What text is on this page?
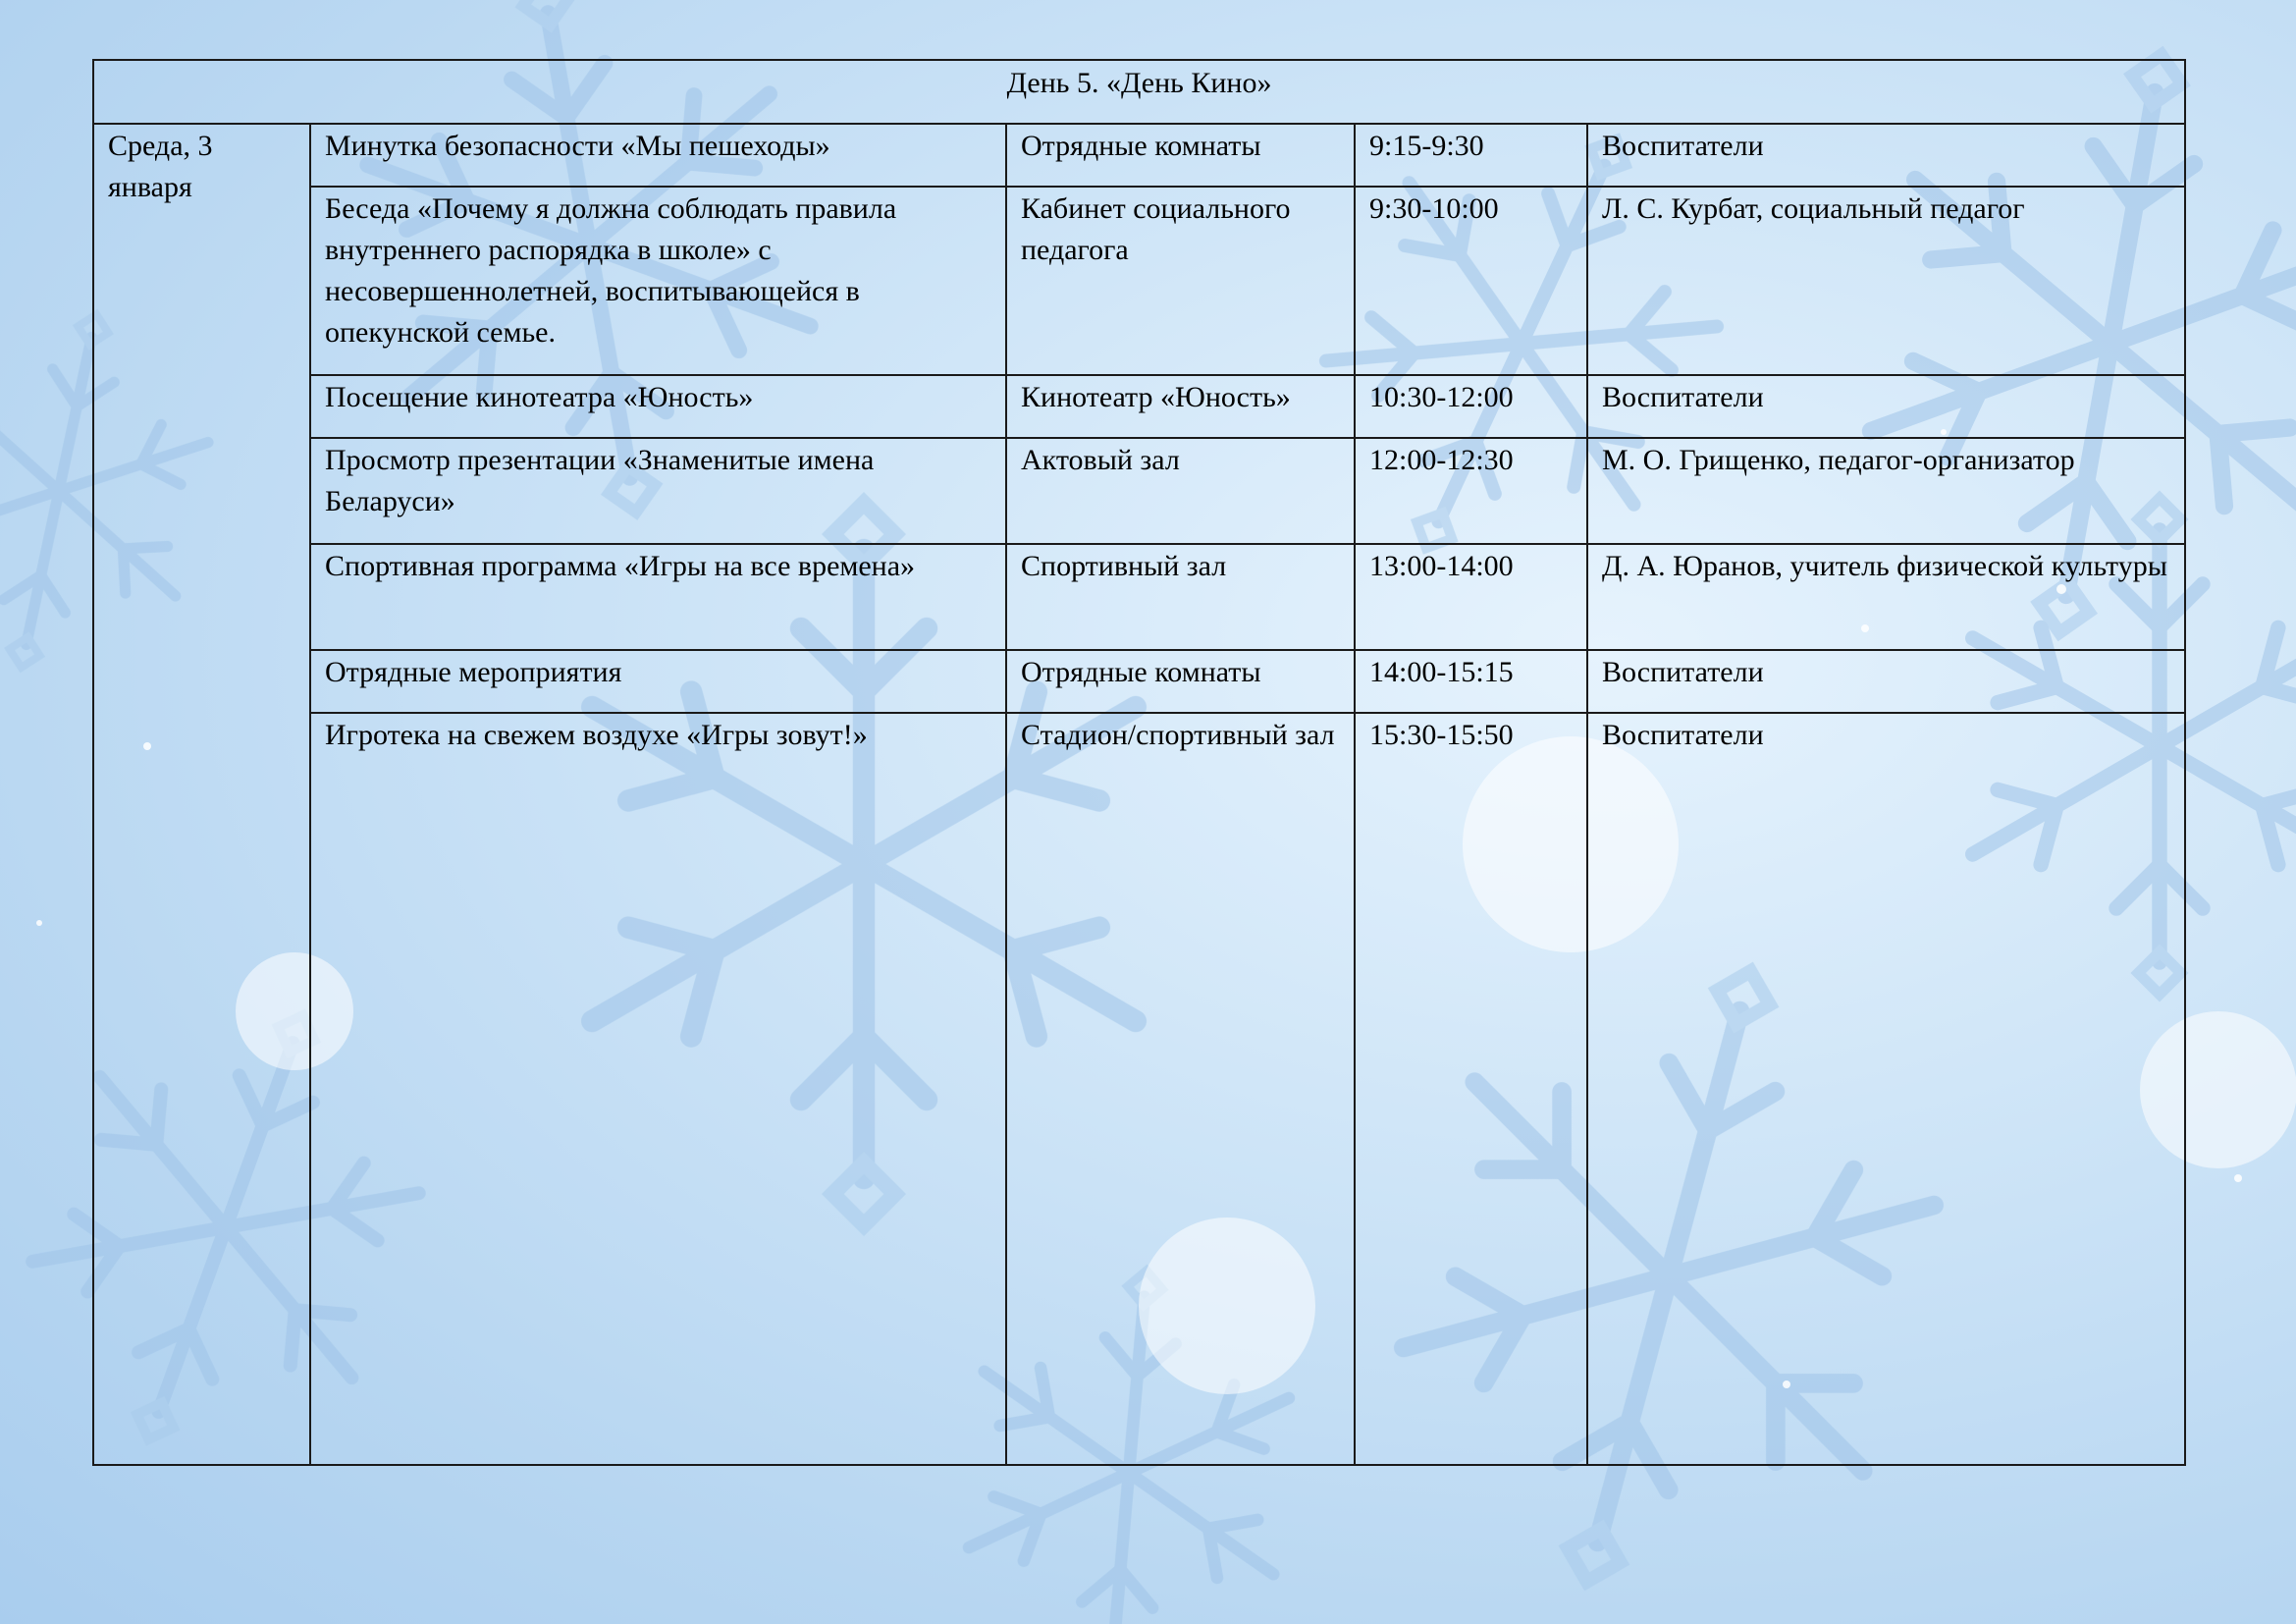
День 5. «День Кино»				

Среда, 3 января	Минутка безопасности «Мы пешеходы»	Отрядные комнаты	9:15-9:30	Воспитатели

	Беседа «Почему я должна соблюдать правила внутреннего распорядка в школе» с несовершеннолетней, воспитывающейся в опекунской семье.	Кабинет социального педагога	9:30-10:00	Л. С. Курбат, социальный педагог

	Посещение кинотеатра «Юность»	Кинотеатр «Юность»	10:30-12:00	Воспитатели

	Просмотр презентации «Знаменитые имена Беларуси»	Актовый зал	12:00-12:30	М. О. Грищенко, педагог-организатор

	Спортивная программа «Игры на все времена»	Спортивный зал	13:00-14:00	Д. А. Юранов, учитель физической культуры

	Отрядные мероприятия	Отрядные комнаты	14:00-15:15	Воспитатели

	Игротека на свежем воздухе «Игры зовут!»	Стадион/спортивный зал	15:30-15:50	Воспитатели
